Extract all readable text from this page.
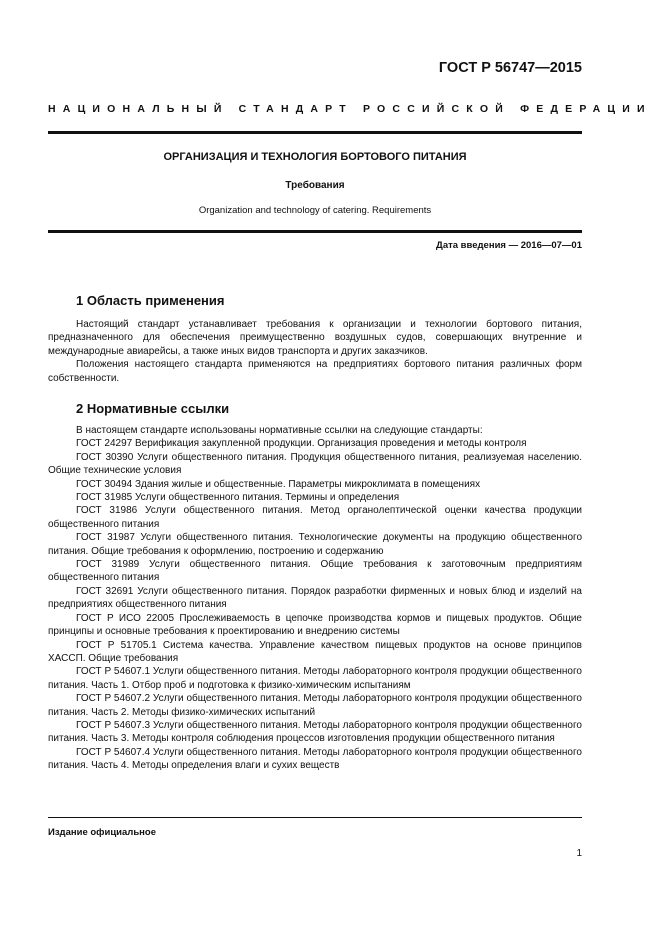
ГОСТ Р 56747—2015
НАЦИОНАЛЬНЫЙ СТАНДАРТ РОССИЙСКОЙ ФЕДЕРАЦИИ
ОРГАНИЗАЦИЯ И ТЕХНОЛОГИЯ БОРТОВОГО ПИТАНИЯ
Требования
Organization and technology of catering. Requirements
Дата введения — 2016—07—01
1 Область применения

Настоящий стандарт устанавливает требования к организации и технологии бортового питания, предназначенного для обеспечения преимущественно воздушных судов, совершающих внутренние и международные авиарейсы, а также иных видов транспорта и других заказчиков.

Положения настоящего стандарта применяются на предприятиях бортового питания различных форм собственности.

2 Нормативные ссылки

В настоящем стандарте использованы нормативные ссылки на следующие стандарты:

ГОСТ 24297 Верификация закупленной продукции. Организация проведения и методы контроля

ГОСТ 30390 Услуги общественного питания. Продукция общественного питания, реализуемая населению. Общие технические условия

ГОСТ 30494 Здания жилые и общественные. Параметры микроклимата в помещениях

ГОСТ 31985 Услуги общественного питания. Термины и определения

ГОСТ 31986 Услуги общественного питания. Метод органолептической оценки качества продукции общественного питания

ГОСТ 31987 Услуги общественного питания. Технологические документы на продукцию общественного питания. Общие требования к оформлению, построению и содержанию

ГОСТ 31989 Услуги общественного питания. Общие требования к заготовочным предприятиям общественного питания

ГОСТ 32691 Услуги общественного питания. Порядок разработки фирменных и новых блюд и изделий на предприятиях общественного питания

ГОСТ Р ИСО 22005 Прослеживаемость в цепочке производства кормов и пищевых продуктов. Общие принципы и основные требования к проектированию и внедрению системы

ГОСТ Р 51705.1 Система качества. Управление качеством пищевых продуктов на основе принципов ХАССП. Общие требования

ГОСТ Р 54607.1 Услуги общественного питания. Методы лабораторного контроля продукции общественного питания. Часть 1. Отбор проб и подготовка к физико-химическим испытаниям

ГОСТ Р 54607.2 Услуги общественного питания. Методы лабораторного контроля продукции общественного питания. Часть 2. Методы физико-химических испытаний

ГОСТ Р 54607.3 Услуги общественного питания. Методы лабораторного контроля продукции общественного питания. Часть 3. Методы контроля соблюдения процессов изготовления продукции общественного питания

ГОСТ Р 54607.4 Услуги общественного питания. Методы лабораторного контроля продукции общественного питания. Часть 4. Методы определения влаги и сухих веществ

Издание официальное
1
